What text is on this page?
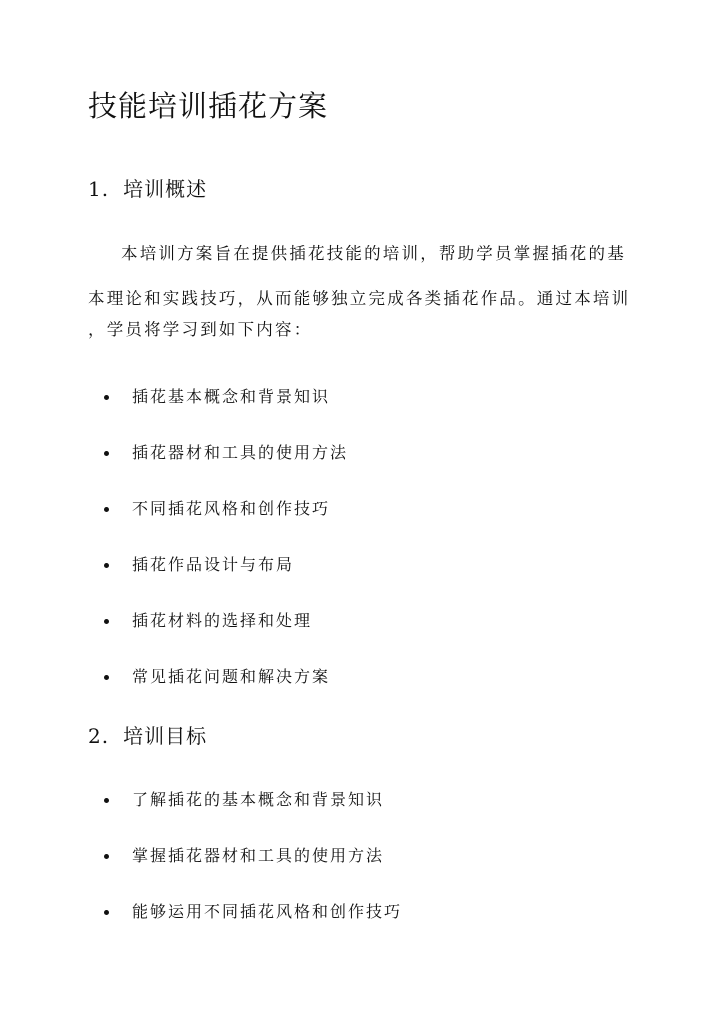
技能培训插花方案
1. 培训概述

本培训方案旨在提供插花技能的培训，帮助学员掌握插花的基
本理论和实践技巧，从而能够独立完成各类插花作品。通过本培训
，学员将学习到如下内容：

插花基本概念和背景知识
插花器材和工具的使用方法
不同插花风格和创作技巧
插花作品设计与布局
插花材料的选择和处理
常见插花问题和解决方案
2. 培训目标
了解插花的基本概念和背景知识
掌握插花器材和工具的使用方法
能够运用不同插花风格和创作技巧
